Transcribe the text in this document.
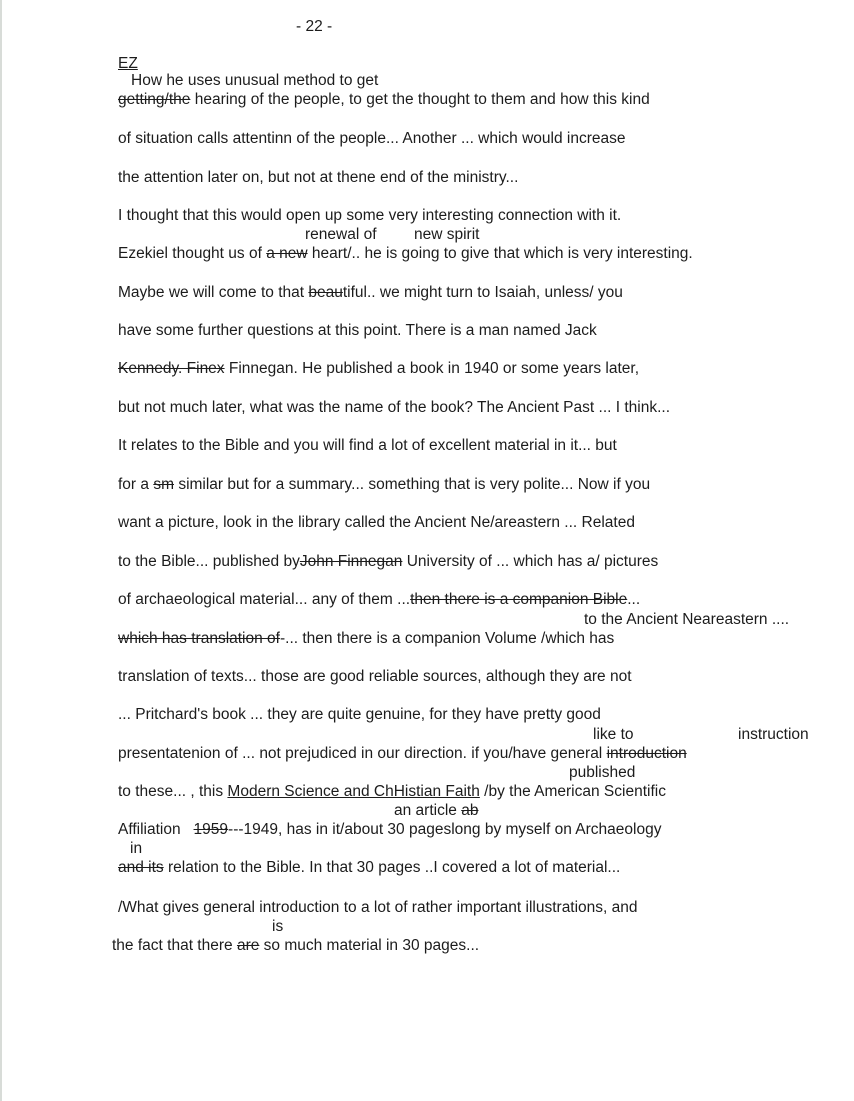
- 22 -
EZ
How he uses unusual method to get
getting/the hearing of the people, to get the thought to them and how this kind
of situation calls attentinn of the people... Another ... which would increase
the attention later on, but not at thene end of the ministry...
I thought that this would open up some very interesting connection with it.
renewal of new spirit
Ezekiel thought us of a new heart/.. he is going to give that which is very interesting.
Maybe we will come to that beautiful.. we might turn to Isaiah, unless/ you
have some further questions at this point. There is a man named Jack
Kennedy. Finex Finnegan. He published a book in 1940 or some years later,
but not much later, what was the name of the book? The Ancient Past ... I think...
It relates to the Bible and you will find a lot of excellent material in it... but
for a sm similar but for a summary... something that is very polite... Now if you
want a picture, look in the library called the Ancient Ne/areastern ... Related
to the Bible... published byJohn Finnegan University of ... which has a/ pictures
of archaeological material... any of them ...then there is a companion Bible...
to the Ancient Neareastern ....
which has translation of-... then there is a companion Volume /which has
translation of texts... those are good reliable sources, although they are not
... Pritchard's book ... they are quite genuine, for they have pretty good
like to	instruction
presentatenion of ... not prejudiced in our direction. if you/have general introduction
published
to these... , this Modern Science and ChHistian Faith /by the American Scientific
an article ab
Affiliation 1959---1949, has in it/about 30 pageslong by myself on Archaeology
in
and its relation to the Bible. In that 30 pages ..I covered a lot of material...
/What gives general introduction to a lot of rather important illustrations, and
is
the fact that there are so much material in 30 pages...
